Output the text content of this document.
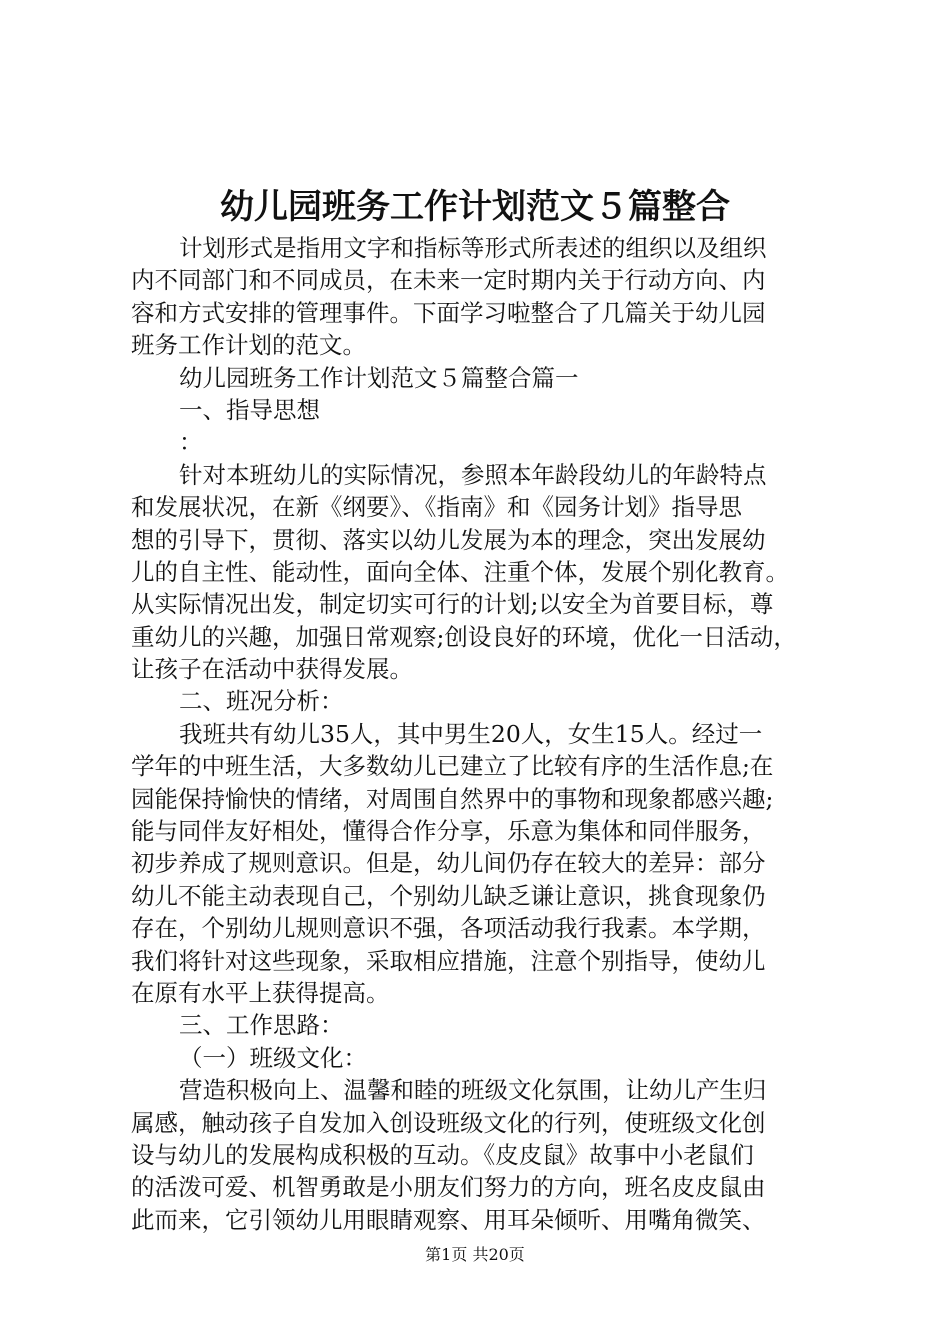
幼儿园班务工作计划范文５篇整合
计划形式是指用文字和指标等形式所表述的组织以及组织
内不同部门和不同成员，在未来一定时期内关于行动方向、内
容和方式安排的管理事件。下面学习啦整合了几篇关于幼儿园
班务工作计划的范文。
幼儿园班务工作计划范文５篇整合篇一
一、指导思想
：
针对本班幼儿的实际情况，参照本年龄段幼儿的年龄特点
和发展状况，在新《纲要》、《指南》和《园务计划》指导思
想的引导下，贯彻、落实以幼儿发展为本的理念，突出发展幼
儿的自主性、能动性，面向全体、注重个体，发展个别化教育。
从实际情况出发，制定切实可行的计划;以安全为首要目标，尊
重幼儿的兴趣，加强日常观察;创设良好的环境，优化一日活动，
让孩子在活动中获得发展。
二、班况分析：
我班共有幼儿35人，其中男生20人，女生15人。经过一
学年的中班生活，大多数幼儿已建立了比较有序的生活作息;在
园能保持愉快的情绪，对周围自然界中的事物和现象都感兴趣;
能与同伴友好相处，懂得合作分享，乐意为集体和同伴服务，
初步养成了规则意识。但是，幼儿间仍存在较大的差异：部分
幼儿不能主动表现自己，个别幼儿缺乏谦让意识，挑食现象仍
存在，个别幼儿规则意识不强，各项活动我行我素。本学期，
我们将针对这些现象，采取相应措施，注意个别指导，使幼儿
在原有水平上获得提高。
三、工作思路：
（一）班级文化：
营造积极向上、温馨和睦的班级文化氛围，让幼儿产生归
属感，触动孩子自发加入创设班级文化的行列，使班级文化创
设与幼儿的发展构成积极的互动。《皮皮鼠》故事中小老鼠们
的活泼可爱、机智勇敢是小朋友们努力的方向，班名皮皮鼠由
此而来，它引领幼儿用眼睛观察、用耳朵倾听、用嘴角微笑、
第1页 共20页
